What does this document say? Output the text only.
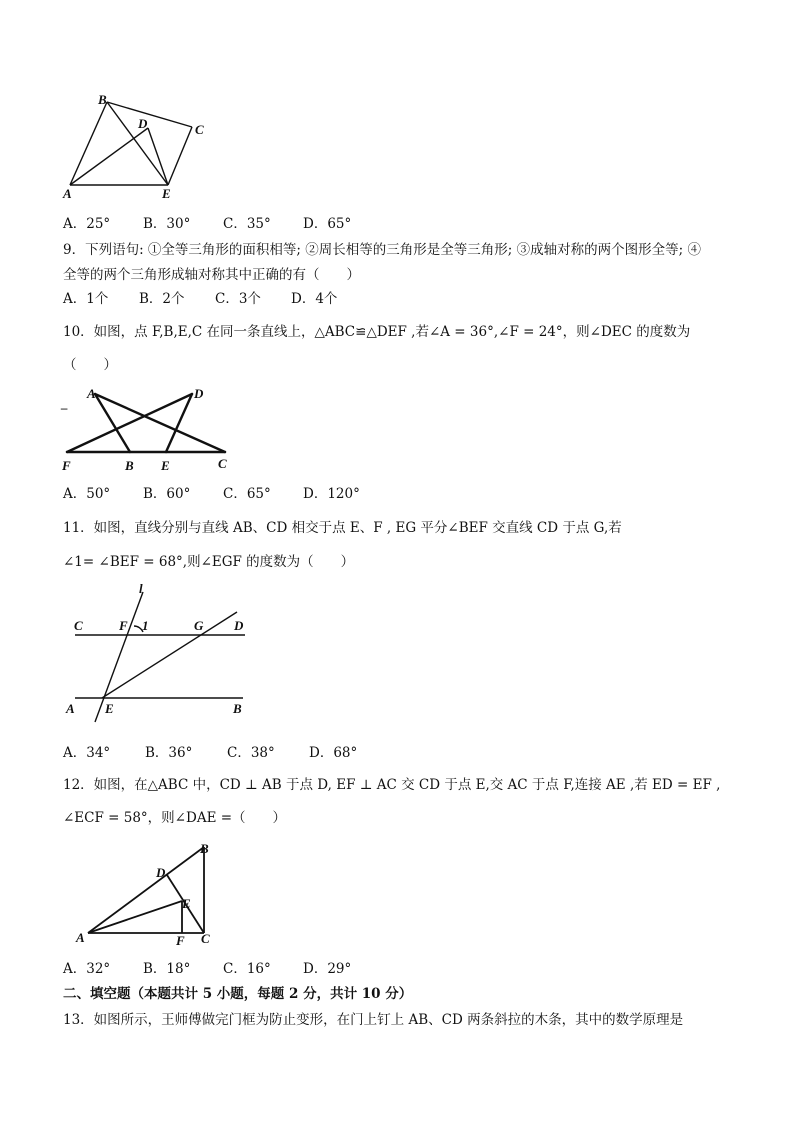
B
D	C
A	E
A．25° B．30° C．35° D．65°
9．下列语句: ①全等三角形的面积相等; ②周长相等的三角形是全等三角形; ③成轴对称的两个图形全等; ④
全等的两个三角形成轴对称其中正确的有（　　）
A．1个 B．2个 C．3个 D．4个
10．如图，点 F,B,E,C 在同一条直线上，△ABC≌△DEF ,若∠A = 36°,∠F = 24°，则∠DEC 的度数为
（　　）
A	D
–
F	B E	C
A．50° B．60° C．65° D．120°
11．如图，直线分别与直线 AB、CD 相交于点 E、F , EG 平分∠BEF 交直线 CD 于点 G,若
∠1= ∠BEF = 68°,则∠EGF 的度数为（　　）
l
C	F 1	G D
A E	B
A．34°	B．36°	C．38°	D．68°
12．如图，在△ABC 中，CD ⊥ AB 于点 D, EF ⊥ AC 交 CD 于点 E,交 AC 于点 F,连接 AE ,若 ED = EF ,
∠ECF = 58°，则∠DAE =（　　）
B
D
E
A	F C
A．32° B．18° C．16° D．29°
二、填空题（本题共计 5 小题，每题 2 分，共计 10 分）
13．如图所示，王师傅做完门框为防止变形，在门上钉上 AB、CD 两条斜拉的木条，其中的数学原理是
